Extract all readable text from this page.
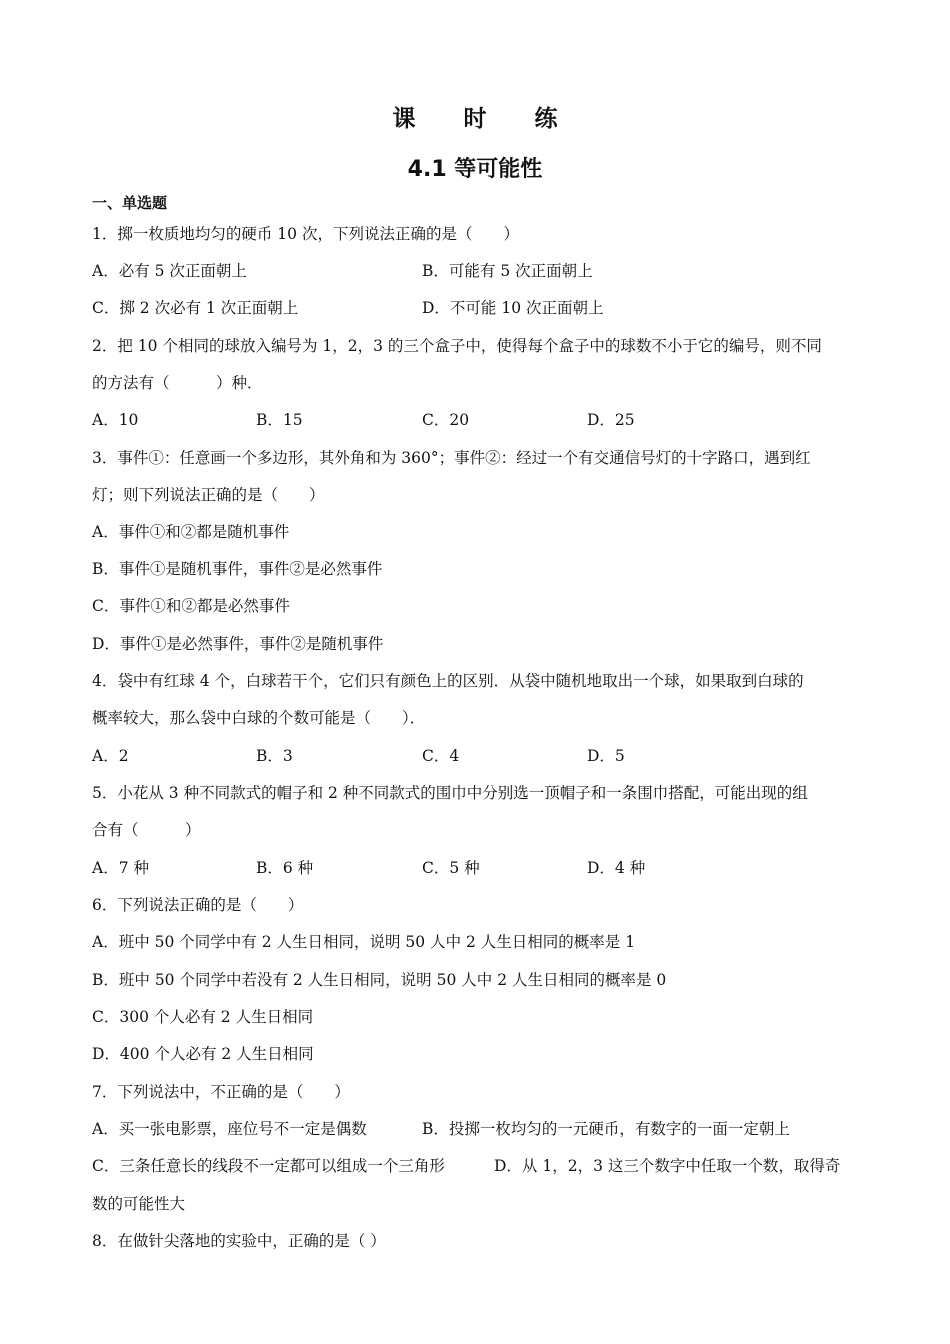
课 时 练
4.1 等可能性
一、单选题
1．掷一枚质地均匀的硬币 10 次，下列说法正确的是（　　）
A．必有 5 次正面朝上	B．可能有 5 次正面朝上
C．掷 2 次必有 1 次正面朝上	D．不可能 10 次正面朝上
2．把 10 个相同的球放入编号为 1，2，3 的三个盒子中，使得每个盒子中的球数不小于它的编号，则不同
的方法有（　　　）种．
A．10	B．15	C．20	D．25
3．事件①：任意画一个多边形，其外角和为 360°；事件②：经过一个有交通信号灯的十字路口，遇到红
灯；则下列说法正确的是（　　）
A．事件①和②都是随机事件
B．事件①是随机事件，事件②是必然事件
C．事件①和②都是必然事件
D．事件①是必然事件，事件②是随机事件
4．袋中有红球 4 个，白球若干个，它们只有颜色上的区别．从袋中随机地取出一个球，如果取到白球的
概率较大，那么袋中白球的个数可能是（　　）．
A．2	B．3	C．4	D．5
5．小花从 3 种不同款式的帽子和 2 种不同款式的围巾中分别选一顶帽子和一条围巾搭配，可能出现的组
合有（　　　）
A．7 种	B．6 种	C．5 种	D．4 种
6．下列说法正确的是（　　）
A．班中 50 个同学中有 2 人生日相同，说明 50 人中 2 人生日相同的概率是 1
B．班中 50 个同学中若没有 2 人生日相同，说明 50 人中 2 人生日相同的概率是 0
C．300 个人必有 2 人生日相同
D．400 个人必有 2 人生日相同
7．下列说法中，不正确的是（　　）
A．买一张电影票，座位号不一定是偶数	B．投掷一枚均匀的一元硬币，有数字的一面一定朝上
C．三条任意长的线段不一定都可以组成一个三角形	D．从 1，2，3 这三个数字中任取一个数，取得奇
数的可能性大
8．在做针尖落地的实验中，正确的是（ ）
